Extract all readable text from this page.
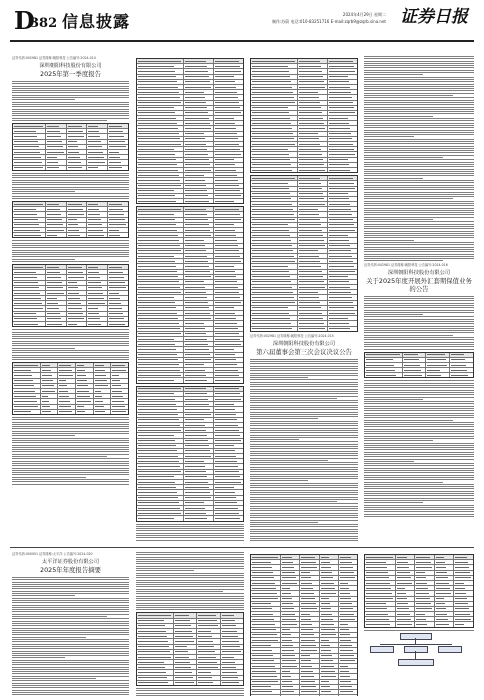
D
382 信息披露	2024年4月29日 星期二
制作:苏蔚 电话:010-83251716 E-mail:zqrb9@zqrb.sina.net 证券日报
证券代码:002981 证券简称:朝阳科技 公告编号:2024-014
深圳朝阳科技股份有限公司
2025年第一季度报告
证券代码:002981 证券简称:朝阳科技 公告编号:2024-015
深圳朝阳科技股份有限公司
第六届董事会第三次会议决议公告
证券代码:002981 证券简称:朝阳科技 公告编号:2024-016
深圳朝阳科技股份有限公司
关于2025年度开展外汇套期保值业务的公告
证券代码:000001 证券简称:太平洋 公告编号:2024-020
太平洋证券股份有限公司
2025年年度报告摘要
